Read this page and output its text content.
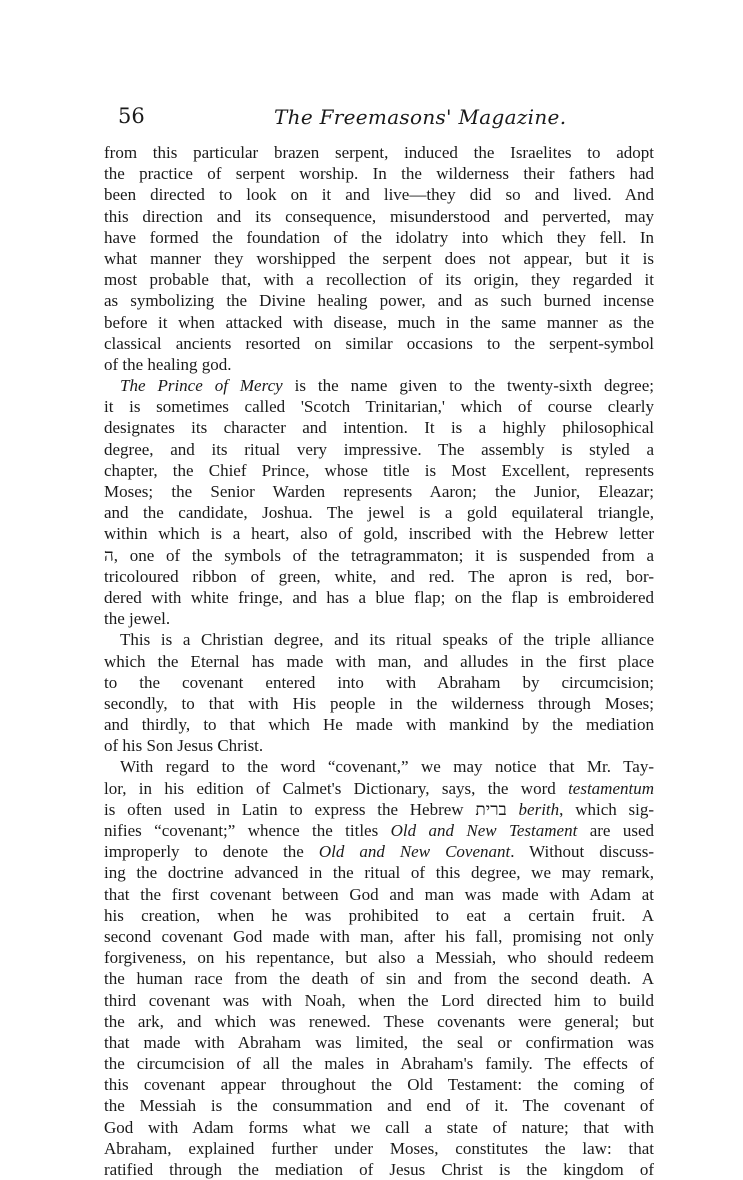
56	The Freemasons' Magazine.

from this particular brazen serpent, induced the Israelites to adopt
the practice of serpent worship. In the wilderness their fathers had
been directed to look on it and live—they did so and lived. And
this direction and its consequence, misunderstood and perverted, may
have formed the foundation of the idolatry into which they fell. In
what manner they worshipped the serpent does not appear, but it is
most probable that, with a recollection of its origin, they regarded it
as symbolizing the Divine healing power, and as such burned incense
before it when attacked with disease, much in the same manner as the
classical ancients resorted on similar occasions to the serpent-symbol
of the healing god.

The Prince of Mercy is the name given to the twenty-sixth degree;
it is sometimes called 'Scotch Trinitarian,' which of course clearly
designates its character and intention. It is a highly philosophical
degree, and its ritual very impressive. The assembly is styled a
chapter, the Chief Prince, whose title is Most Excellent, represents
Moses; the Senior Warden represents Aaron; the Junior, Eleazar;
and the candidate, Joshua. The jewel is a gold equilateral triangle,
within which is a heart, also of gold, inscribed with the Hebrew letter
ה, one of the symbols of the tetragrammaton; it is suspended from a
tricoloured ribbon of green, white, and red. The apron is red, bor-
dered with white fringe, and has a blue flap; on the flap is embroidered
the jewel.

This is a Christian degree, and its ritual speaks of the triple alliance
which the Eternal has made with man, and alludes in the first place
to the covenant entered into with Abraham by circumcision;
secondly, to that with His people in the wilderness through Moses;
and thirdly, to that which He made with mankind by the mediation
of his Son Jesus Christ.

With regard to the word “covenant,” we may notice that Mr. Tay-
lor, in his edition of Calmet's Dictionary, says, the word testamentum
is often used in Latin to express the Hebrew ברית berith, which sig-
nifies “covenant;” whence the titles Old and New Testament are used
improperly to denote the Old and New Covenant. Without discuss-
ing the doctrine advanced in the ritual of this degree, we may remark,
that the first covenant between God and man was made with Adam at
his creation, when he was prohibited to eat a certain fruit. A
second covenant God made with man, after his fall, promising not only
forgiveness, on his repentance, but also a Messiah, who should redeem
the human race from the death of sin and from the second death. A
third covenant was with Noah, when the Lord directed him to build
the ark, and which was renewed. These covenants were general; but
that made with Abraham was limited, the seal or confirmation was
the circumcision of all the males in Abraham's family. The effects of
this covenant appear throughout the Old Testament: the coming of
the Messiah is the consummation and end of it. The covenant of
God with Adam forms what we call a state of nature; that with
Abraham, explained further under Moses, constitutes the law: that
ratified through the mediation of Jesus Christ is the kingdom of
